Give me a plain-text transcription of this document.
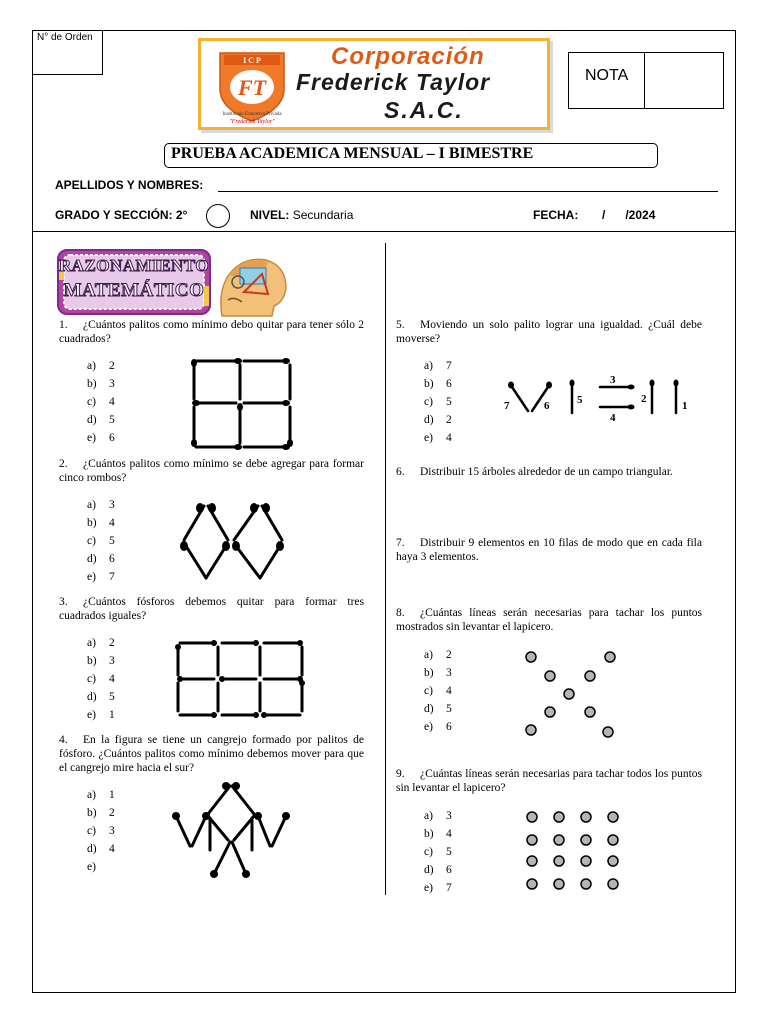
N° de Orden
I C P
FT
Institución Educativa Privada
"Frederick Taylor"
Corporación
Frederick Taylor
S.A.C.
NOTA
PRUEBA ACADEMICA MENSUAL – I BIMESTRE
APELLIDOS Y NOMBRES:
GRADO Y SECCIÓN: 2°	NIVEL: Secundaria	FECHA: /      /2024
RAZONAMIENTO
MATEMÁTICO
1. ¿Cuántos palitos como mínimo debo quitar para tener sólo 2 cuadrados?
a) 2
b) 3
c) 4
d) 5
e) 6
2. ¿Cuántos palitos como mínimo se debe agregar para formar cinco rombos?
a) 3
b) 4
c) 5
d) 6
e) 7
3. ¿Cuántos fósforos debemos quitar para formar tres cuadrados iguales?
a) 2
b) 3
c) 4
d) 5
e) 1
4. En la figura se tiene un cangrejo formado por palitos de fósforo. ¿Cuántos palitos como mínimo debemos mover para que el cangrejo mire hacia el sur?
a) 1
b) 2
c) 3
d) 4
e)
5. Moviendo un solo palito lograr una igualdad. ¿Cuál debe moverse?
a) 7
b) 6
c) 5
d) 2
e) 4
7	6	5
3
4
2
1
6. Distribuir 15 árboles alrededor de un campo triangular.
7. Distribuir 9 elementos en 10 filas de modo que en cada fila haya 3 elementos.
8. ¿Cuántas líneas serán necesarias para tachar los puntos mostrados sin levantar el lapicero.
a) 2
b) 3
c) 4
d) 5
e) 6
9. ¿Cuántas líneas serán necesarias para tachar todos los puntos sin levantar el lapicero?
a) 3
b) 4
c) 5
d) 6
e) 7
